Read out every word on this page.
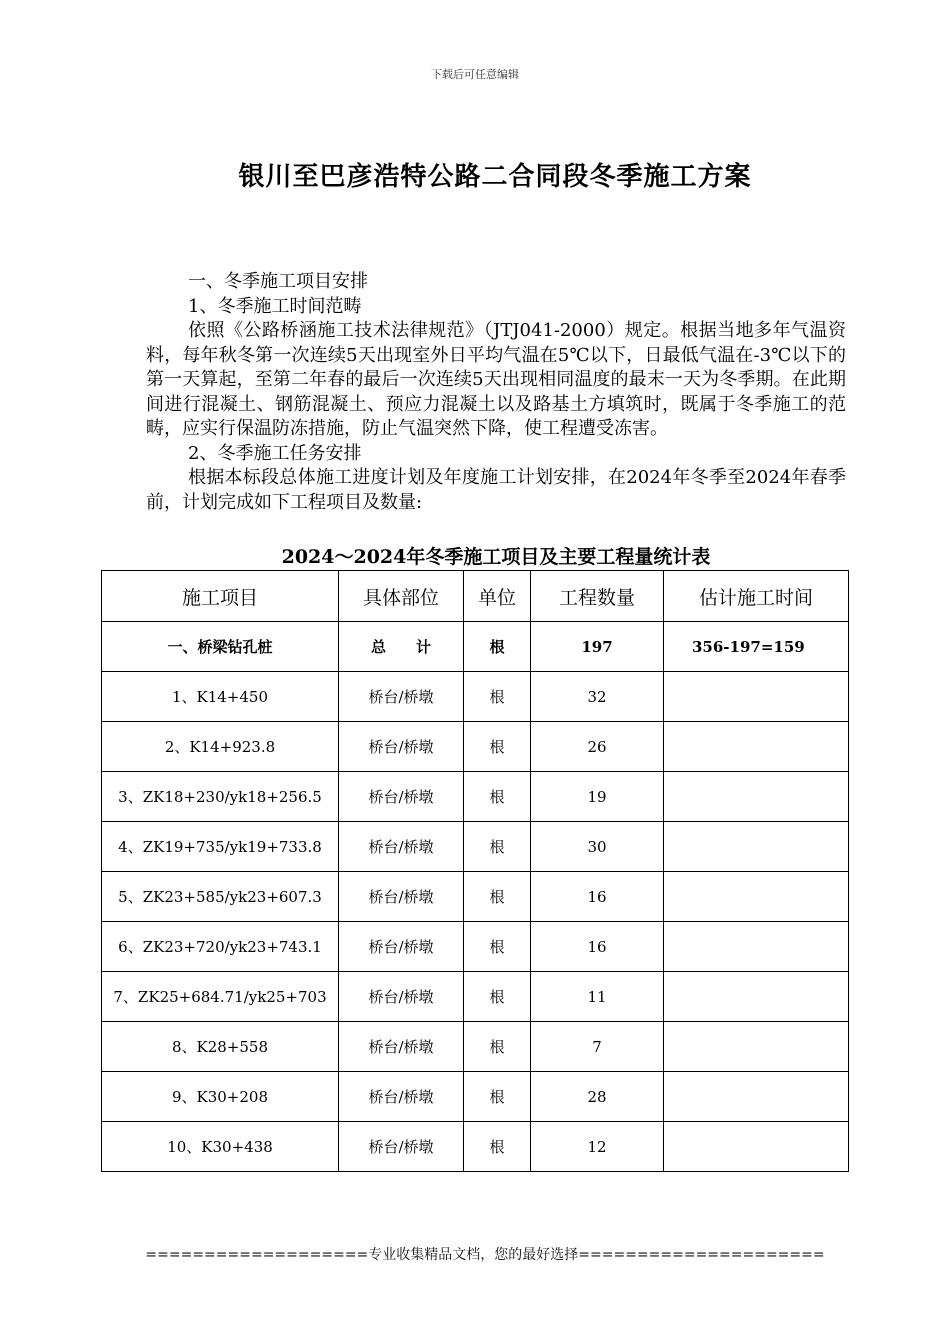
下载后可任意编辑
银川至巴彦浩特公路二合同段冬季施工方案

一、冬季施工项目安排

1、冬季施工时间范畴

依照《公路桥涵施工技术法律规范》（JTJ041-2000）规定。根据当地多年气温资料，每年秋冬第一次连续5天出现室外日平均气温在5℃以下，日最低气温在-3℃以下的第一天算起，至第二年春的最后一次连续5天出现相同温度的最末一天为冬季期。在此期间进行混凝土、钢筋混凝土、预应力混凝土以及路基土方填筑时，既属于冬季施工的范畴，应实行保温防冻措施，防止气温突然下降，使工程遭受冻害。

2、冬季施工任务安排

根据本标段总体施工进度计划及年度施工计划安排，在2024年冬季至2024年春季前，计划完成如下工程项目及数量:

2024～2024年冬季施工项目及主要工程量统计表
施工项目	具体部位	单位	工程数量	估计施工时间
一、桥梁钻孔桩	总　　计	根	197	356-197=159
1、K14+450	桥台/桥墩	根	32	
2、K14+923.8	桥台/桥墩	根	26	
3、ZK18+230/yk18+256.5	桥台/桥墩	根	19	
4、ZK19+735/yk19+733.8	桥台/桥墩	根	30	
5、ZK23+585/yk23+607.3	桥台/桥墩	根	16	
6、ZK23+720/yk23+743.1	桥台/桥墩	根	16	
7、ZK25+684.71/yk25+703	桥台/桥墩	根	11	
8、K28+558	桥台/桥墩	根	7	
9、K30+208	桥台/桥墩	根	28	
10、K30+438	桥台/桥墩	根	12	
===================专业收集精品文档，您的最好选择=====================
